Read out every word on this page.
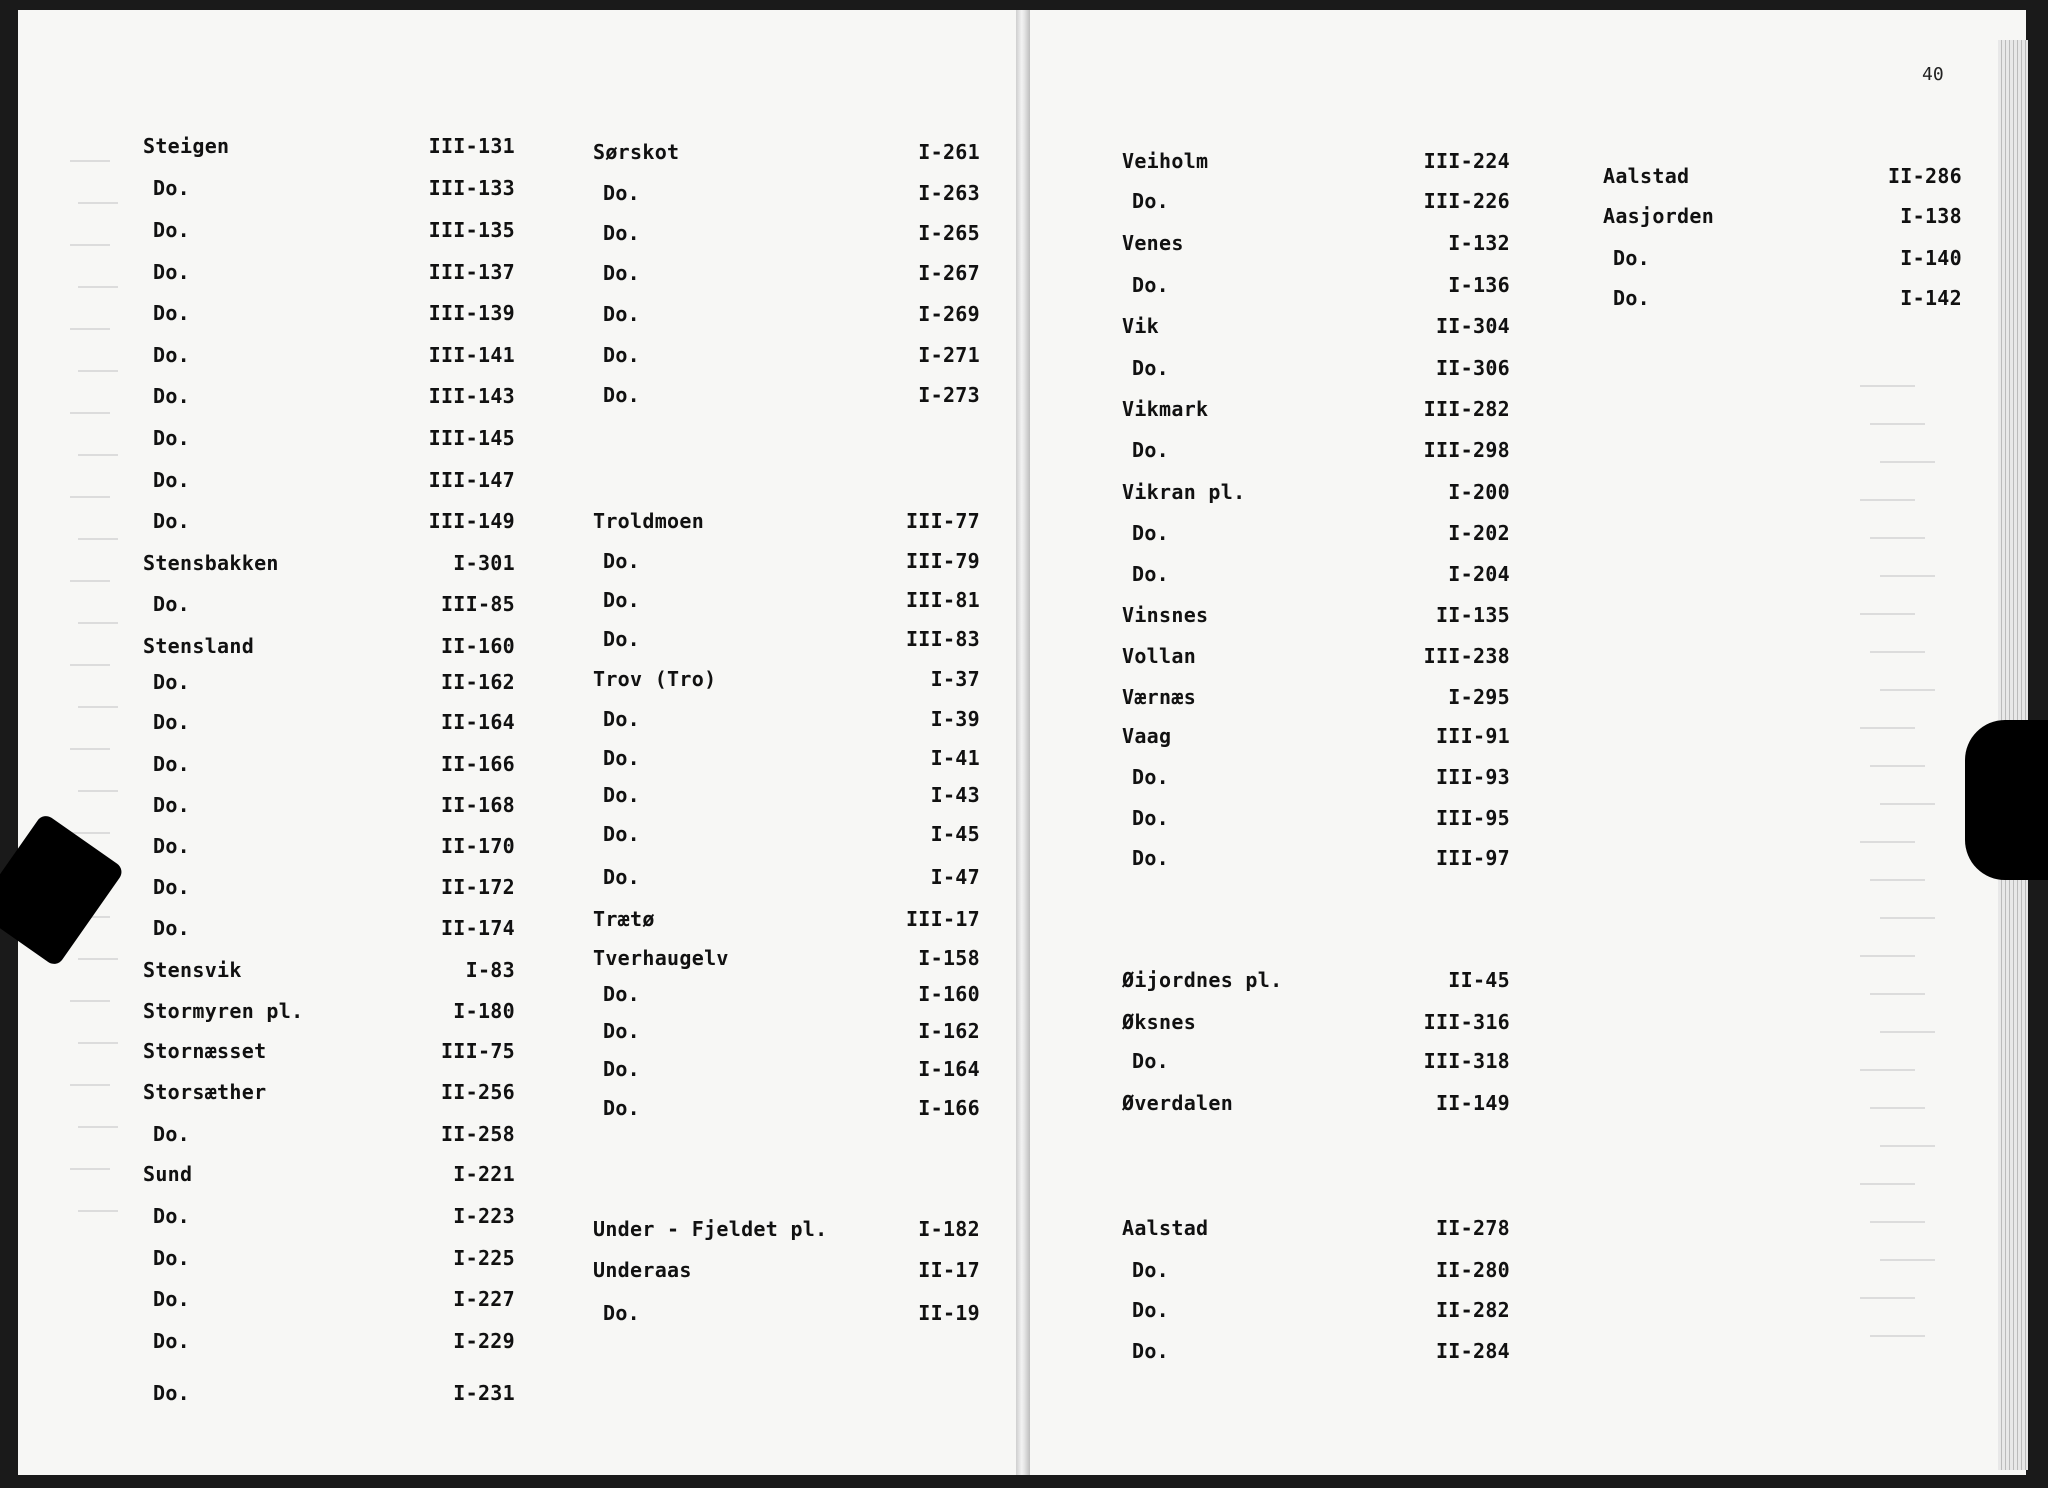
40
Steigen	III-131
Do.	III-133
Do.	III-135
Do.	III-137
Do.	III-139
Do.	III-141
Do.	III-143
Do.	III-145
Do.	III-147
Do.	III-149
Stensbakken	I-301
Do.	III-85
Stensland	II-160
Do.	II-162
Do.	II-164
Do.	II-166
Do.	II-168
Do.	II-170
Do.	II-172
Do.	II-174
Stensvik	I-83
Stormyren pl.	I-180
Stornæsset	III-75
Storsæther	II-256
Do.	II-258
Sund	I-221
Do.	I-223
Do.	I-225
Do.	I-227
Do.	I-229
Do.	I-231
Sørskot	I-261
Do.	I-263
Do.	I-265
Do.	I-267
Do.	I-269
Do.	I-271
Do.	I-273
Troldmoen	III-77
Do.	III-79
Do.	III-81
Do.	III-83
Trov (Tro)	I-37
Do.	I-39
Do.	I-41
Do.	I-43
Do.	I-45
Do.	I-47
Trætø	III-17
Tverhaugelv	I-158
Do.	I-160
Do.	I-162
Do.	I-164
Do.	I-166
Under - Fjeldet pl.	I-182
Underaas	II-17
Do.	II-19
Veiholm	III-224
Do.	III-226
Venes	I-132
Do.	I-136
Vik	II-304
Do.	II-306
Vikmark	III-282
Do.	III-298
Vikran pl.	I-200
Do.	I-202
Do.	I-204
Vinsnes	II-135
Vollan	III-238
Værnæs	I-295
Vaag	III-91
Do.	III-93
Do.	III-95
Do.	III-97
Øijordnes pl.	II-45
Øksnes	III-316
Do.	III-318
Øverdalen	II-149
Aalstad	II-278
Do.	II-280
Do.	II-282
Do.	II-284
Aalstad	II-286
Aasjorden	I-138
Do.	I-140
Do.	I-142
